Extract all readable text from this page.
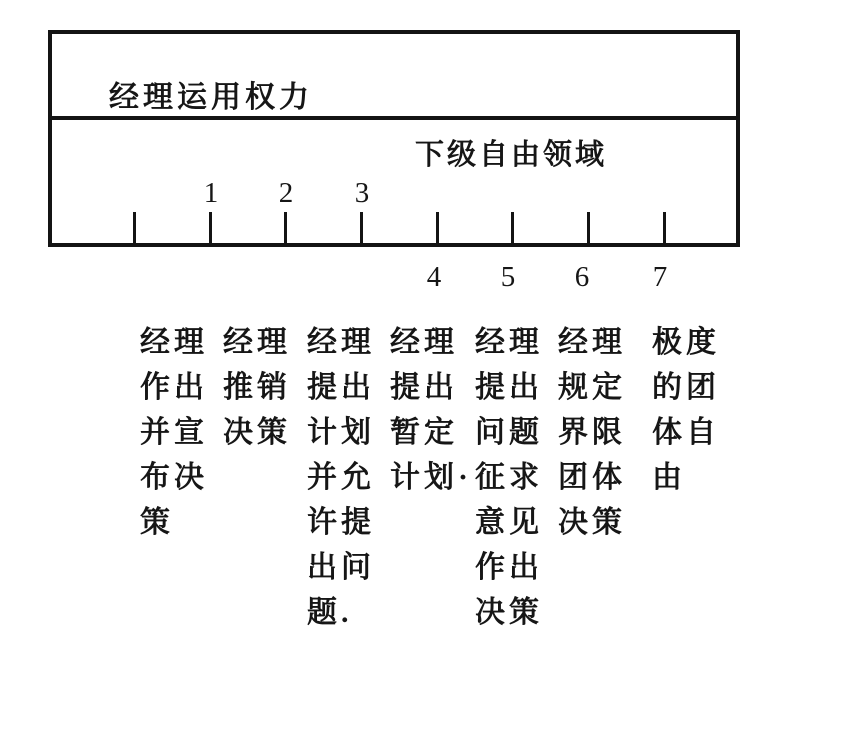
经理运用权力
下级自由领域
1 2 3
4 5 6 7
经理
作出
并宣
布决
策
经理
推销
决策
经理
提出
计划
并允
许提
出问
题.
经理
提出
暂定
计划·
经理
提出
问题
征求
意见
作出
决策
经理
规定
界限
团体
决策
极度
的团
体自
由
